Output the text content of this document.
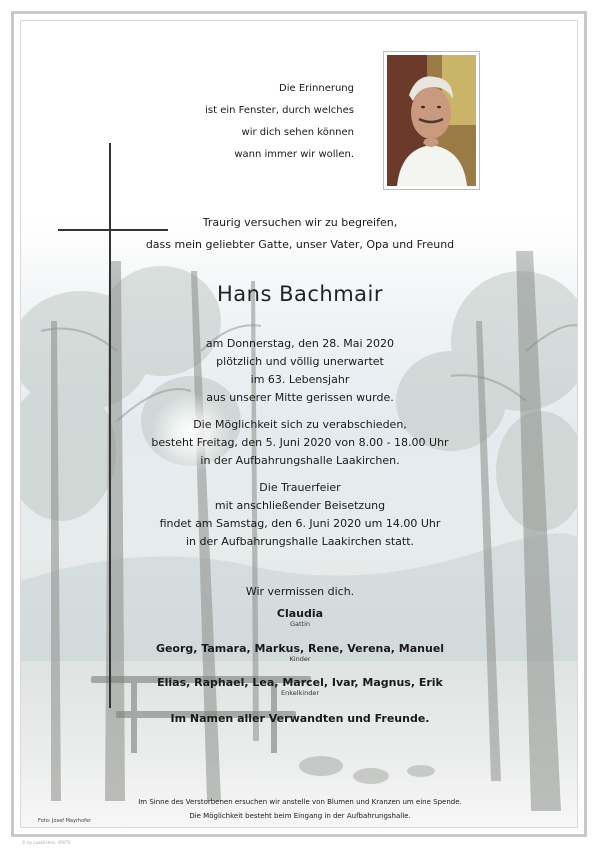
Die Erinnerung
ist ein Fenster, durch welches
wir dich sehen können
wann immer wir wollen.
Traurig versuchen wir zu begreifen,
dass mein geliebter Gatte, unser Vater, Opa und Freund
Hans Bachmair
am Donnerstag, den 28. Mai 2020
plötzlich und völlig unerwartet
im 63. Lebensjahr
aus unserer Mitte gerissen wurde.
Die Möglichkeit sich zu verabschieden,
besteht Freitag, den 5. Juni 2020 von 8.00 - 18.00 Uhr
in der Aufbahrungshalle Laakirchen.
Die Trauerfeier
mit anschließender Beisetzung
findet am Samstag, den 6. Juni 2020 um 14.00 Uhr
in der Aufbahrungshalle Laakirchen statt.
Wir vermissen dich.
Claudia
Gattin
Georg, Tamara, Markus, Rene, Verena, Manuel
Kinder
Elias, Raphael, Lea, Marcel, Ivar, Magnus, Erik
Enkelkinder
Im Namen aller Verwandten und Freunde.
Im Sinne des Verstorbenen ersuchen wir anstelle von Blumen und Kranzen um eine Spende.
Die Möglichkeit besteht beim Eingang in der Aufbahrungshalle.
Foto: Josef Mayrhofer
© by Laakirchen, 00070
